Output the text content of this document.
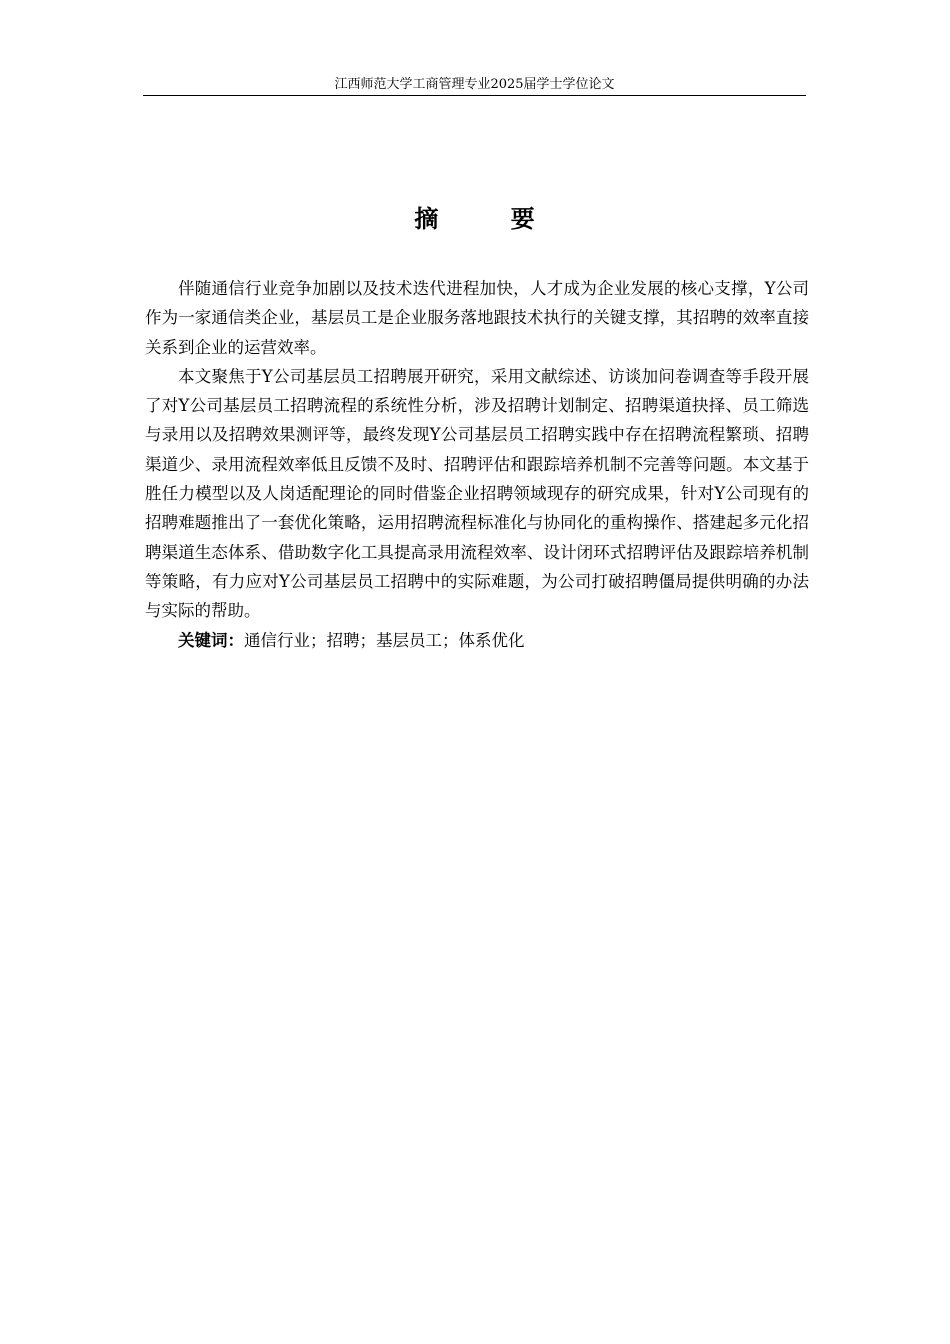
江西师范大学工商管理专业2025届学士学位论文
摘 要

伴随通信行业竞争加剧以及技术迭代进程加快，人才成为企业发展的核心支撑，Y公司作为一家通信类企业，基层员工是企业服务落地跟技术执行的关键支撑，其招聘的效率直接关系到企业的运营效率。

本文聚焦于Y公司基层员工招聘展开研究，采用文献综述、访谈加问卷调查等手段开展了对Y公司基层员工招聘流程的系统性分析，涉及招聘计划制定、招聘渠道抉择、员工筛选与录用以及招聘效果测评等，最终发现Y公司基层员工招聘实践中存在招聘流程繁琐、招聘渠道少、录用流程效率低且反馈不及时、招聘评估和跟踪培养机制不完善等问题。本文基于胜任力模型以及人岗适配理论的同时借鉴企业招聘领域现存的研究成果，针对Y公司现有的招聘难题推出了一套优化策略，运用招聘流程标准化与协同化的重构操作、搭建起多元化招聘渠道生态体系、借助数字化工具提高录用流程效率、设计闭环式招聘评估及跟踪培养机制等策略，有力应对Y公司基层员工招聘中的实际难题，为公司打破招聘僵局提供明确的办法与实际的帮助。

关键词：通信行业；招聘；基层员工；体系优化
